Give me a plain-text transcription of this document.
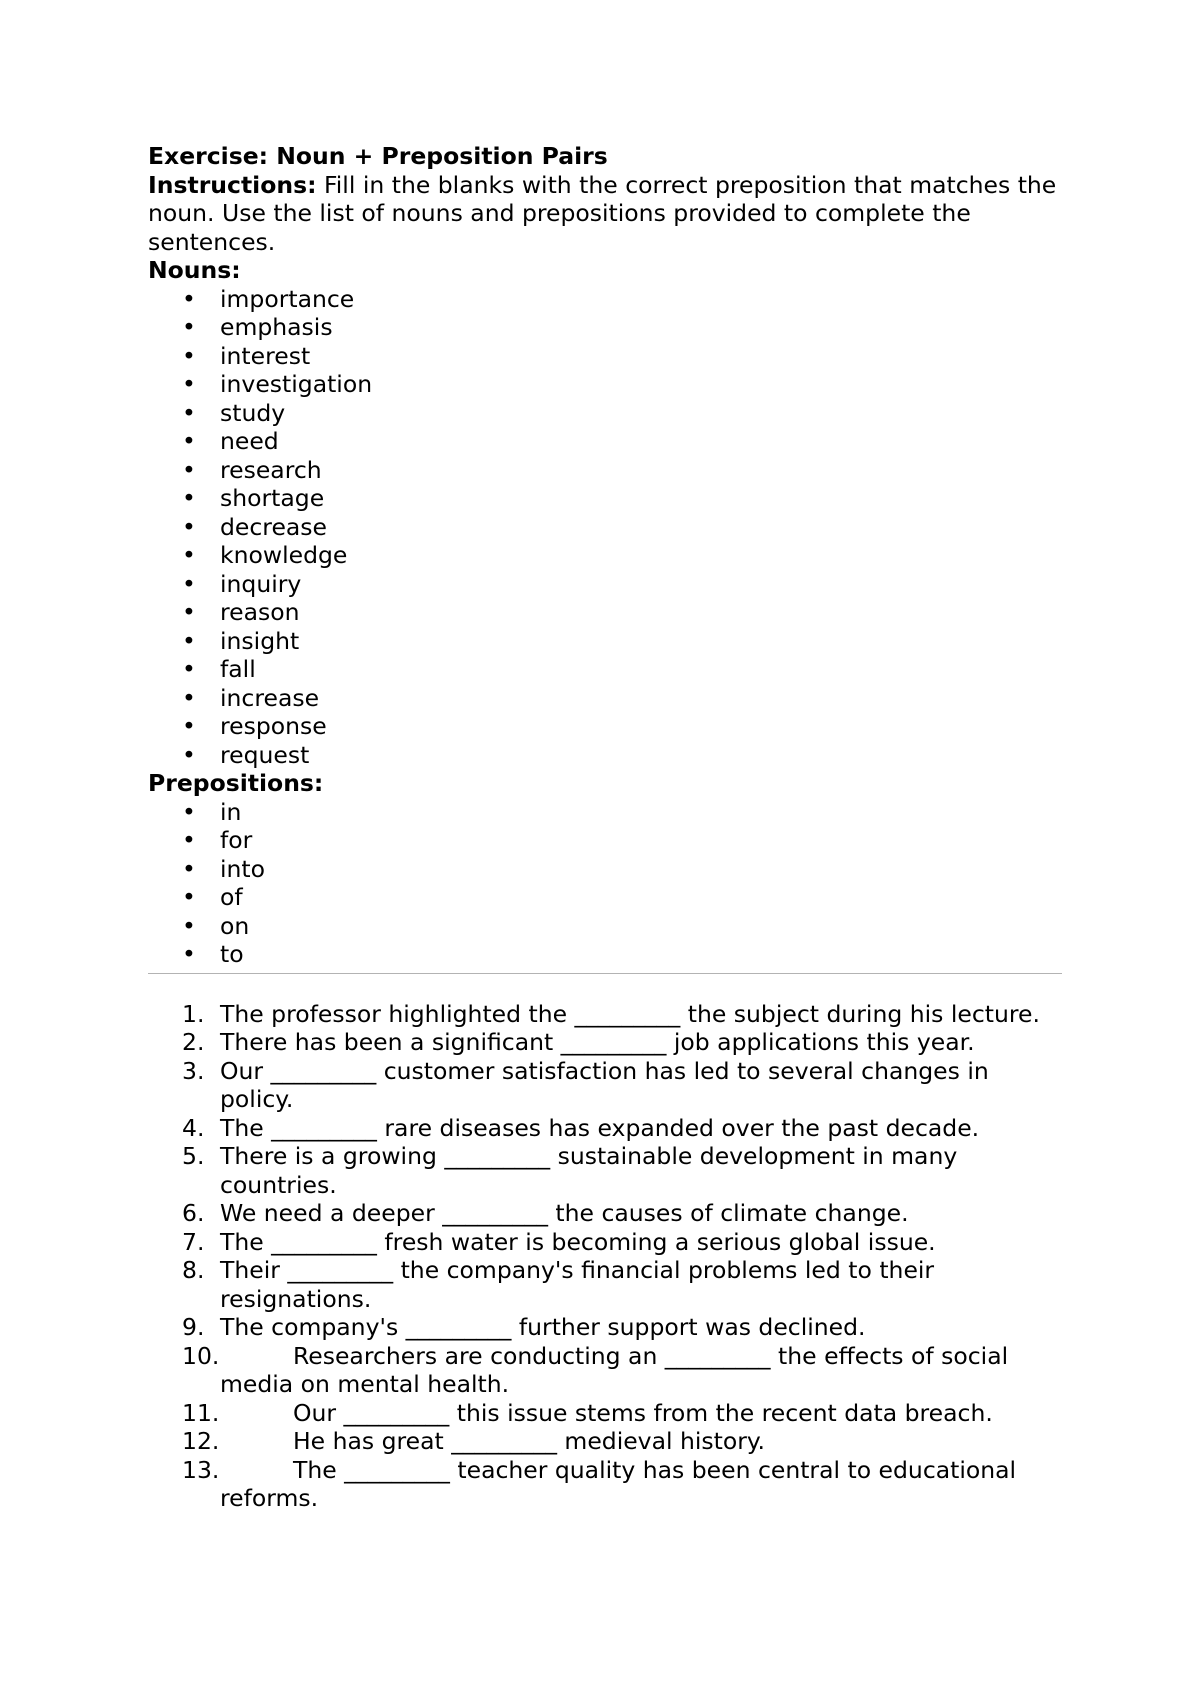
Exercise: Noun + Preposition Pairs

Instructions: Fill in the blanks with the correct preposition that matches the noun. Use the list of nouns and prepositions provided to complete the sentences.

Nouns:

• importance
• emphasis
• interest
• investigation
• study
• need
• research
• shortage
• decrease
• knowledge
• inquiry
• reason
• insight
• fall
• increase
• response
• request

Prepositions:

• in
• for
• into
• of
• on
• to
1. The professor highlighted the _________ the subject during his lecture.
2. There has been a significant _________ job applications this year.
3. Our _________ customer satisfaction has led to several changes in policy.
4. The _________ rare diseases has expanded over the past decade.
5. There is a growing _________ sustainable development in many countries.
6. We need a deeper _________ the causes of climate change.
7. The _________ fresh water is becoming a serious global issue.
8. Their _________ the company's financial problems led to their resignations.
9. The company's _________ further support was declined.
10.	Researchers are conducting an _________ the effects of social media on mental health.
11.	Our _________ this issue stems from the recent data breach.
12.	He has great _________ medieval history.
13.	The _________ teacher quality has been central to educational reforms.
